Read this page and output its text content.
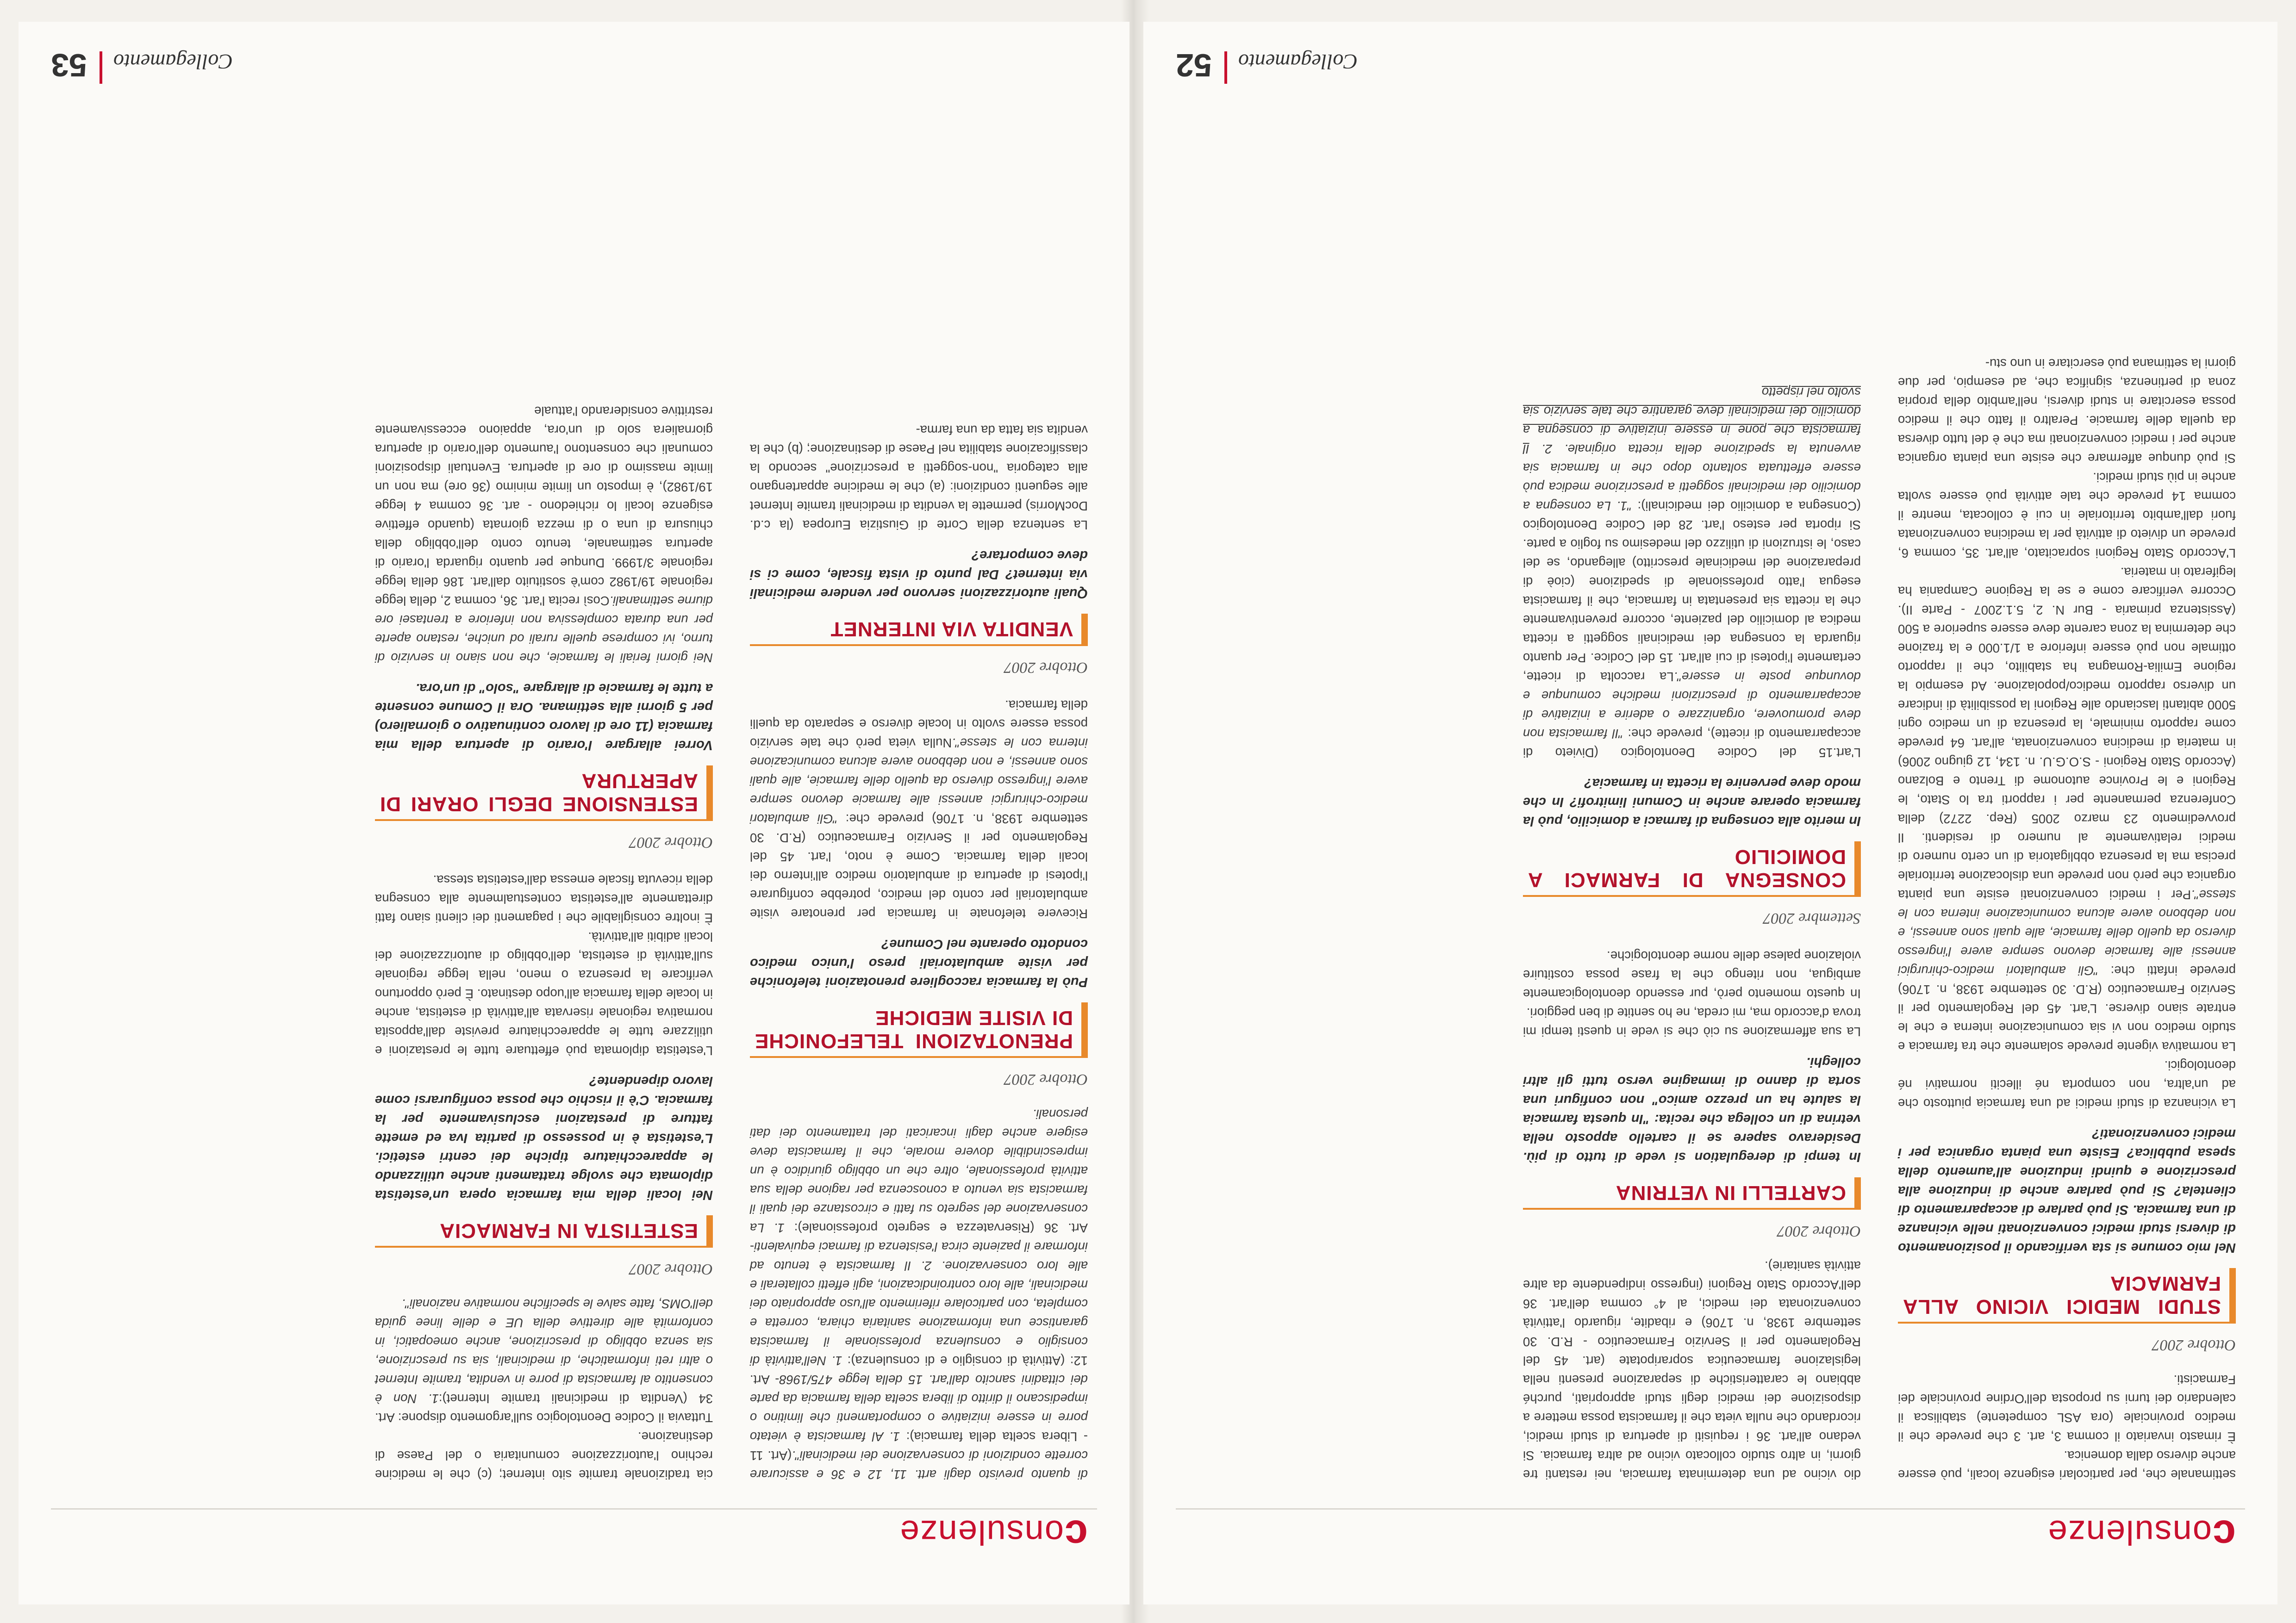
consulenze

settimanale che, per particolari esigenze locali, può essere anche diverso dalla domenica.

È rimasto invariato il comma 3, art. 3 che prevede che il medico provinciale (ora ASL competente) stabilisca il calendario dei turni su proposta dell'Ordine provinciale dei Farmacisti.

Ottobre 2007
STUDI MEDICI VICINO ALLA FARMACIA
Nel mio comune si sta verificando il posizionamento di diversi studi medici convenzionati nelle vicinanze di una farmacia. Si può parlare di accaparramento di clientela? Si può parlare anche di induzione alla prescrizione e quindi induzione all'aumento della spesa pubblica? Esiste una pianta organica per i medici convenzionati?

La vicinanza di studi medici ad una farmacia piuttosto che ad un'altra, non comporta né illeciti normativi né deontologici.

La normativa vigente prevede solamente che tra farmacia e studio medico non vi sia comunicazione interna e che le entrate siano diverse. L'art. 45 del Regolamento per il Servizio Farmaceutico (R.D. 30 settembre 1938, n. 1706) prevede infatti che: "Gli ambulatori medico-chirurgici annessi alle farmacie devono sempre avere l'ingresso diverso da quello delle farmacie, alle quali sono annessi, e non debbono avere alcuna comunicazione interna con le stesse".Per i medici convenzionati esiste una pianta organica che però non prevede una dislocazione territoriale precisa ma la presenza obbligatoria di un certo numero di medici relativamente al numero di residenti. Il provvedimento 23 marzo 2005 (Rep. 2272) della Conferenza permanente per i rapporti tra lo Stato, le Regioni e le Province autonome di Trento e Bolzano (Accordo Stato Regioni - S.O.G.U. n. 134, 12 giugno 2006) in materia di medicina convenzionata, all'art. 64 prevede come rapporto minimale, la presenza di un medico ogni 5000 abitanti lasciando alle Regioni la possibilità di indicare un diverso rapporto medico/popolazione. Ad esempio la regione Emilia-Romagna ha stabilito, che il rapporto ottimale non può essere inferiore a 1/1.000 e la frazione che determina la zona carente deve essere superiore a 500 (Assistenza primaria - Bur N. 2, 5.1.2007 - Parte II). Occorre verificare come e se la Regione Campania ha legiferato in materia.

L'Accordo Stato Regioni sopracitato, all'art. 35, comma 6, prevede un divieto di attività per la medicina convenzionata fuori dall'ambito territoriale in cui è collocata, mentre il comma 14 prevede che tale attività può essere svolta anche in più studi medici.

Si può dunque affermare che esiste una pianta organica anche per i medici convenzionati ma che è del tutto diversa da quella delle farmacie. Peraltro il fatto che il medico possa esercitare in studi diversi, nell'ambito della propria zona di pertinenza, significa che, ad esempio, per due giorni la settimana può esercitare in uno stu-

dio vicino ad una determinata farmacia, nei restanti tre giorni, in altro studio collocato vicino ad altra farmacia. Si vedano all'art. 36 i requisiti di apertura di studi medici, ricordando che nulla vieta che il farmacista possa mettere a disposizione dei medici degli studi appropriati, purché abbiano le caratteristiche di separazione presenti nella legislazione farmaceutica sopraripotate (art. 45 del Regolamento per il Servizio Farmaceutico - R.D. 30 settembre 1938, n. 1706) e ribadite, riguardo l'attività convenzionata dei medici, al 4° comma dell'art. 36 dell'Accordo Stato Regioni (ingresso indipendente da altre attività sanitarie).

Ottobre 2007
CARTELLI IN VETRINA
In tempi di deregulation si vede di tutto di più. Desideravo sapere se il cartello apposto nella vetrina di un collega che recita: "In questa farmacia la salute ha un prezzo amico" non configuri una sorta di danno di immagine verso tutti gli altri colleghi.

La sua affermazione su ciò che si vede in questi tempi mi trova d'accordo ma, mi creda, ne ho sentite di ben peggiori.

In questo momento però, pur essendo deontologicamente ambigua, non ritengo che la frase possa costituire violazione palese delle norme deontologiche.

Settembre 2007
CONSEGNA DI FARMACI A DOMICILIO
In merito alla consegna di farmaci a domicilio, può la farmacia operare anche in Comuni limitrofi? In che modo deve pervenire la ricetta in farmacia?

L'art.15 del Codice Deontologico (Divieto di accaparramento di ricette), prevede che: "Il farmacista non deve promuovere, organizzare o aderire a iniziative di accaparramento di prescrizioni mediche comunque e dovunque poste in essere".La raccolta di ricette, certamente l'ipotesi di cui all'art. 15 del Codice. Per quanto riguarda la consegna dei medicinali soggetti a ricetta medica al domicilio del paziente, occorre preventivamente che la ricetta sia presentata in farmacia, che il farmacista esegua l'atto professionale di spedizione (cioè di preparazione del medicinale prescritto) allegando, se del caso, le istruzioni di utilizzo del medesimo su foglio a parte. Si riporta per esteso l'art. 28 del Codice Deontologico (Consegna a domicilio dei medicinali): "1. La consegna a domicilio dei medicinali soggetti a prescrizione medica può essere effettuata soltanto dopo che in farmacia sia avvenuta la spedizione della ricetta originale. 2. Il farmacista che pone in essere iniziative di consegna a domicilio dei medicinali deve garantire che tale servizio sia svolto nel rispetto

52 Collegamento
consulenze

di quanto previsto dagli artt. 11, 12 e 36 e assicurare corrette condizioni di conservazione dei medicinali".(Art. 11 - Libera scelta della farmacia): 1. Al farmacista è vietato porre in essere iniziative o comportamenti che limitino o impediscano il diritto di libera scelta della farmacia da parte dei cittadini sancito dall'art. 15 della legge 475/1968- Art. 12: (Attività di consiglio e di consulenza): 1. Nell'attività di consiglio e consulenza professionale il farmacista garantisce una informazione sanitaria chiara, corretta e completa, con particolare riferimento all'uso appropriato dei medicinali, alle loro controindicazioni, agli effetti collaterali e alle loro conservazione. 2. Il farmacista è tenuto ad informare il paziente circa l'esistenza di farmaci equivalenti- Art. 36 (Riservatezza e segreto professionale): 1. La conservazione del segreto su fatti e circostanze dei quali il farmacista sia venuto a conoscenza per ragione della sua attività professionale, oltre che un obbligo giuridico è un imprescindibile dovere morale, che il farmacista deve esigere anche dagli incaricati del trattamento dei dati personali.

Ottobre 2007
PRENOTAZIONI TELEFONICHE DI VISITE MEDICHE
Può la farmacia raccogliere prenotazioni telefoniche per visite ambulatoriali preso l'unico medico condotto operante nel Comune?

Ricevere telefonate in farmacia per prenotare visite ambulatoriali per conto del medico, potrebbe configurare l'ipotesi di apertura di ambulatorio medico all'interno dei locali della farmacia. Come è noto, l'art. 45 del Regolamento per il Servizio Farmaceutico (R.D. 30 settembre 1938, n. 1706) prevede che: "Gli ambulatori medico-chirurgici annessi alle farmacie devono sempre avere l'ingresso diverso da quello delle farmacie, alle quali sono annessi, e non debbono avere alcuna comunicazione interna con le stesse".Nulla vieta però che tale servizio possa essere svolto in locale diverso e separato da quelli della farmacia.

Ottobre 2007
VENDITA VIA INTERNET
Quali autorizzazioni servono per vendere medicinali via internet? Dal punto di vista fiscale, come ci si deve comportare?

La sentenza della Corte di Giustizia Europea (la c.d. DocMorris) permette la vendita di medicinali tramite Internet alle seguenti condizioni: (a) che le medicine appartengano alla categoria "non-soggetti a prescrizione" secondo la classificazione stabilita nel Paese di destinazione; (b) che la vendita sia fatta da una farma-

cia tradizionale tramite sito internet; (c) che le medicine rechino l'autorizzazione comunitaria o del Paese di destinazione.

Tuttavia il Codice Deontologico sull'argomento dispone: Art. 34 (Vendita di medicinali tramite Internet):1. Non è consentito al farmacista di porre in vendita, tramite Internet o altri reti informatiche, di medicinali, sia su prescrizione, sia senza obbligo di prescrizione, anche omeopatici, in conformità alle direttive della UE e delle linee guida dell'OMS, fatte salve le specifiche normative nazionali".

Ottobre 2007
ESTETISTA IN FARMACIA
Nei locali della mia farmacia opera un'estetista diplomata che svolge trattamenti anche utilizzando le apparecchiature tipiche dei centri estetici. L'estetista è in possesso di partita Iva ed emette fatture di prestazioni esclusivamente per la farmacia. C'è il rischio che possa configurarsi come lavoro dipendente?

L'estetista diplomata può effettuare tutte le prestazioni e utilizzare tutte le apparecchiature previste dall'apposita normativa regionale riservata all'attività di estetista, anche in locale della farmacia all'uopo destinato. È però opportuno verificare la presenza o meno, nella legge regionale sull'attività di estetista, dell'obbligo di autorizzazione dei locali adibiti all'attività.

È inoltre consigliabile che i pagamenti dei clienti siano fatti direttamente all'estetista contestualmente alla consegna della ricevuta fiscale emessa dall'estetista stessa.

Ottobre 2007
ESTENSIONE DEGLI ORARI DI APERTURA
Vorrei allargare l'orario di apertura della mia farmacia (11 ore di lavoro continuativo o giornaliero) per 5 giorni alla settimana. Ora il Comune consente a tutte le farmacie di allargare "solo" di un'ora.

Nei giorni feriali le farmacie, che non siano in servizio di turno, ivi comprese quelle rurali od uniche, restano aperte per una durata complessiva non inferiore a trentasei ore diurne settimanali.Così recita l'art. 36, comma 2, della legge regionale 19/1982 com'è sostituito dall'art. 186 della legge regionale 3/1999. Dunque per quanto riguarda l'orario di apertura settimanale, tenuto conto dell'obbligo della chiusura di una o di mezza giornata (quando effettive esigenze locali lo richiedono - art. 36 comma 4 legge 19/1982), è imposto un limite minimo (36 ore) ma non un limite massimo di ore di apertura. Eventuali disposizioni comunali che consentono l'aumento dell'orario di apertura giornaliera solo di un'ora, appaiono eccessivamente restrittive considerando l'attuale

53 Collegamento
